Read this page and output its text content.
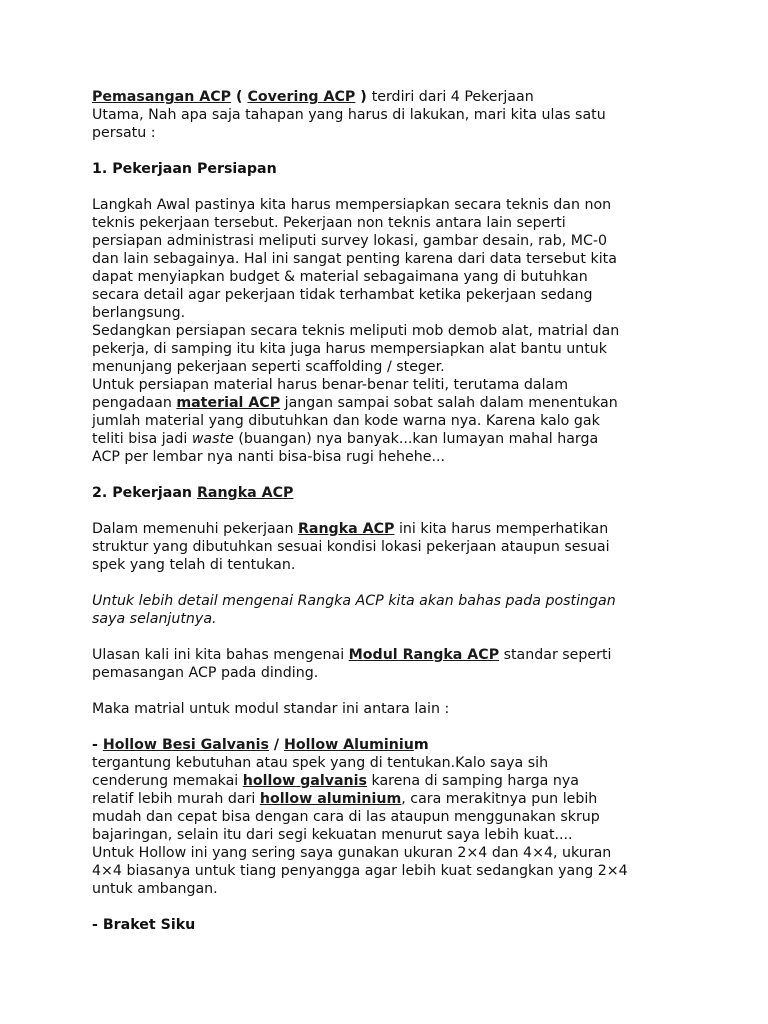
Pemasangan ACP ( Covering ACP ) terdiri dari 4 Pekerjaan

Utama, Nah apa saja tahapan yang harus di lakukan, mari kita ulas satu

persatu :

1. Pekerjaan Persiapan

Langkah Awal pastinya kita harus mempersiapkan secara teknis dan non

teknis pekerjaan tersebut. Pekerjaan non teknis antara lain seperti

persiapan administrasi meliputi survey lokasi, gambar desain, rab, MC-0

dan lain sebagainya. Hal ini sangat penting karena dari data tersebut kita

dapat menyiapkan budget & material sebagaimana yang di butuhkan

secara detail agar pekerjaan tidak terhambat ketika pekerjaan sedang

berlangsung.

Sedangkan persiapan secara teknis meliputi mob demob alat, matrial dan

pekerja, di samping itu kita juga harus mempersiapkan alat bantu untuk

menunjang pekerjaan seperti scaffolding / steger.

Untuk persiapan material harus benar-benar teliti, terutama dalam

pengadaan material ACP jangan sampai sobat salah dalam menentukan

jumlah material yang dibutuhkan dan kode warna nya. Karena kalo gak

teliti bisa jadi waste (buangan) nya banyak...kan lumayan mahal harga

ACP per lembar nya nanti bisa-bisa rugi hehehe...

2. Pekerjaan Rangka ACP

Dalam memenuhi pekerjaan Rangka ACP ini kita harus memperhatikan

struktur yang dibutuhkan sesuai kondisi lokasi pekerjaan ataupun sesuai

spek yang telah di tentukan.

Untuk lebih detail mengenai Rangka ACP kita akan bahas pada postingan

saya selanjutnya.

Ulasan kali ini kita bahas mengenai Modul Rangka ACP standar seperti

pemasangan ACP pada dinding.

Maka matrial untuk modul standar ini antara lain :

- Hollow Besi Galvanis / Hollow Aluminium

tergantung kebutuhan atau spek yang di tentukan.Kalo saya sih

cenderung memakai hollow galvanis karena di samping harga nya

relatif lebih murah dari hollow aluminium, cara merakitnya pun lebih

mudah dan cepat bisa dengan cara di las ataupun menggunakan skrup

bajaringan, selain itu dari segi kekuatan menurut saya lebih kuat....

Untuk Hollow ini yang sering saya gunakan ukuran 2×4 dan 4×4, ukuran

4×4 biasanya untuk tiang penyangga agar lebih kuat sedangkan yang 2×4

untuk ambangan.

- Braket Siku
